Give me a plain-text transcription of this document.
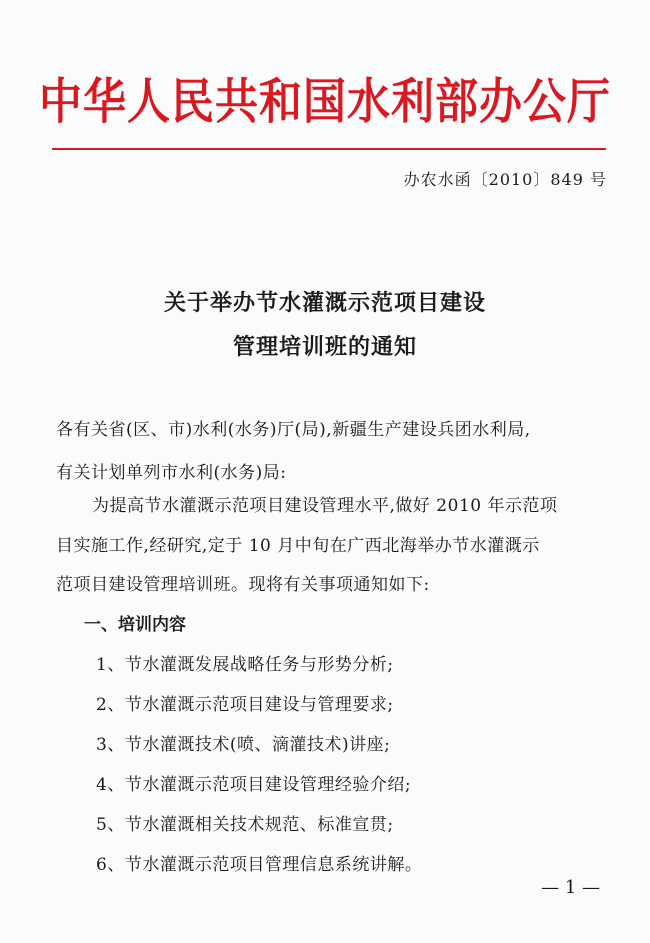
中华人民共和国水利部办公厅
办农水函〔2010〕849 号
关于举办节水灌溉示范项目建设
管理培训班的通知
各有关省(区、市)水利(水务)厅(局),新疆生产建设兵团水利局,
有关计划单列市水利(水务)局:
为提高节水灌溉示范项目建设管理水平,做好 2010 年示范项
目实施工作,经研究,定于 10 月中旬在广西北海举办节水灌溉示
范项目建设管理培训班。现将有关事项通知如下:
一、培训内容
1、节水灌溉发展战略任务与形势分析;
2、节水灌溉示范项目建设与管理要求;
3、节水灌溉技术(喷、滴灌技术)讲座;
4、节水灌溉示范项目建设管理经验介绍;
5、节水灌溉相关技术规范、标准宣贯;
6、节水灌溉示范项目管理信息系统讲解。
— 1 —
